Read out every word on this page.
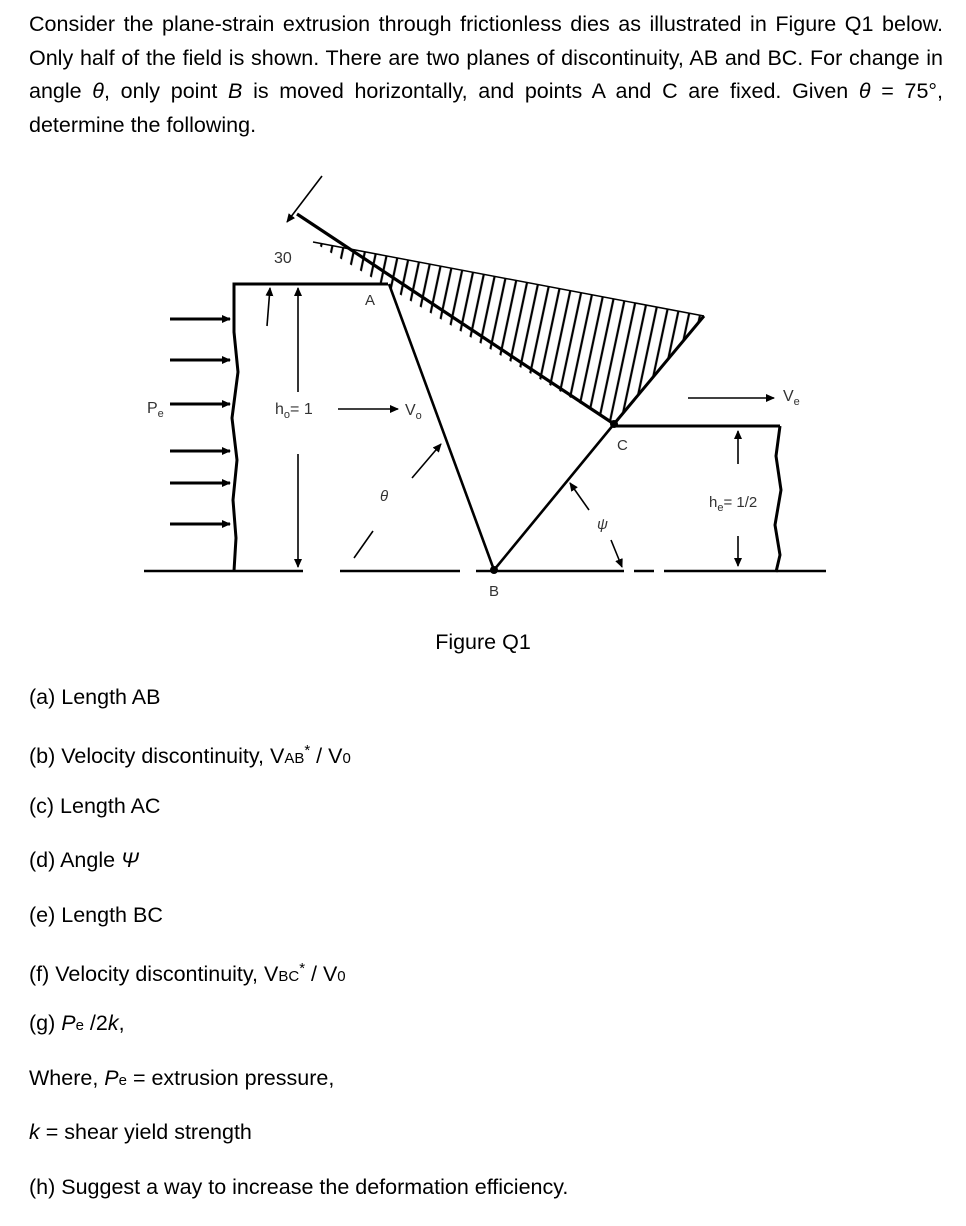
Consider the plane-strain extrusion through frictionless dies as illustrated in Figure Q1 below. Only half of the field is shown. There are two planes of discontinuity, AB and BC. For change in angle θ, only point B is moved horizontally, and points A and C are fixed. Given θ = 75°, determine the following.

30
A
B
C
$P_e$	$h_o= 1$	$V_o$
$V_e$
$h_e= 1/2$
θ
ψ
Figure Q1
(a) Length AB
(b) Velocity discontinuity, VAB* / V0
(c) Length AC
(d) Angle Ψ
(e) Length BC
(f) Velocity discontinuity, VBC* / V0
(g) Pe /2k,
Where, Pe = extrusion pressure,
k = shear yield strength
(h) Suggest a way to increase the deformation efficiency.
